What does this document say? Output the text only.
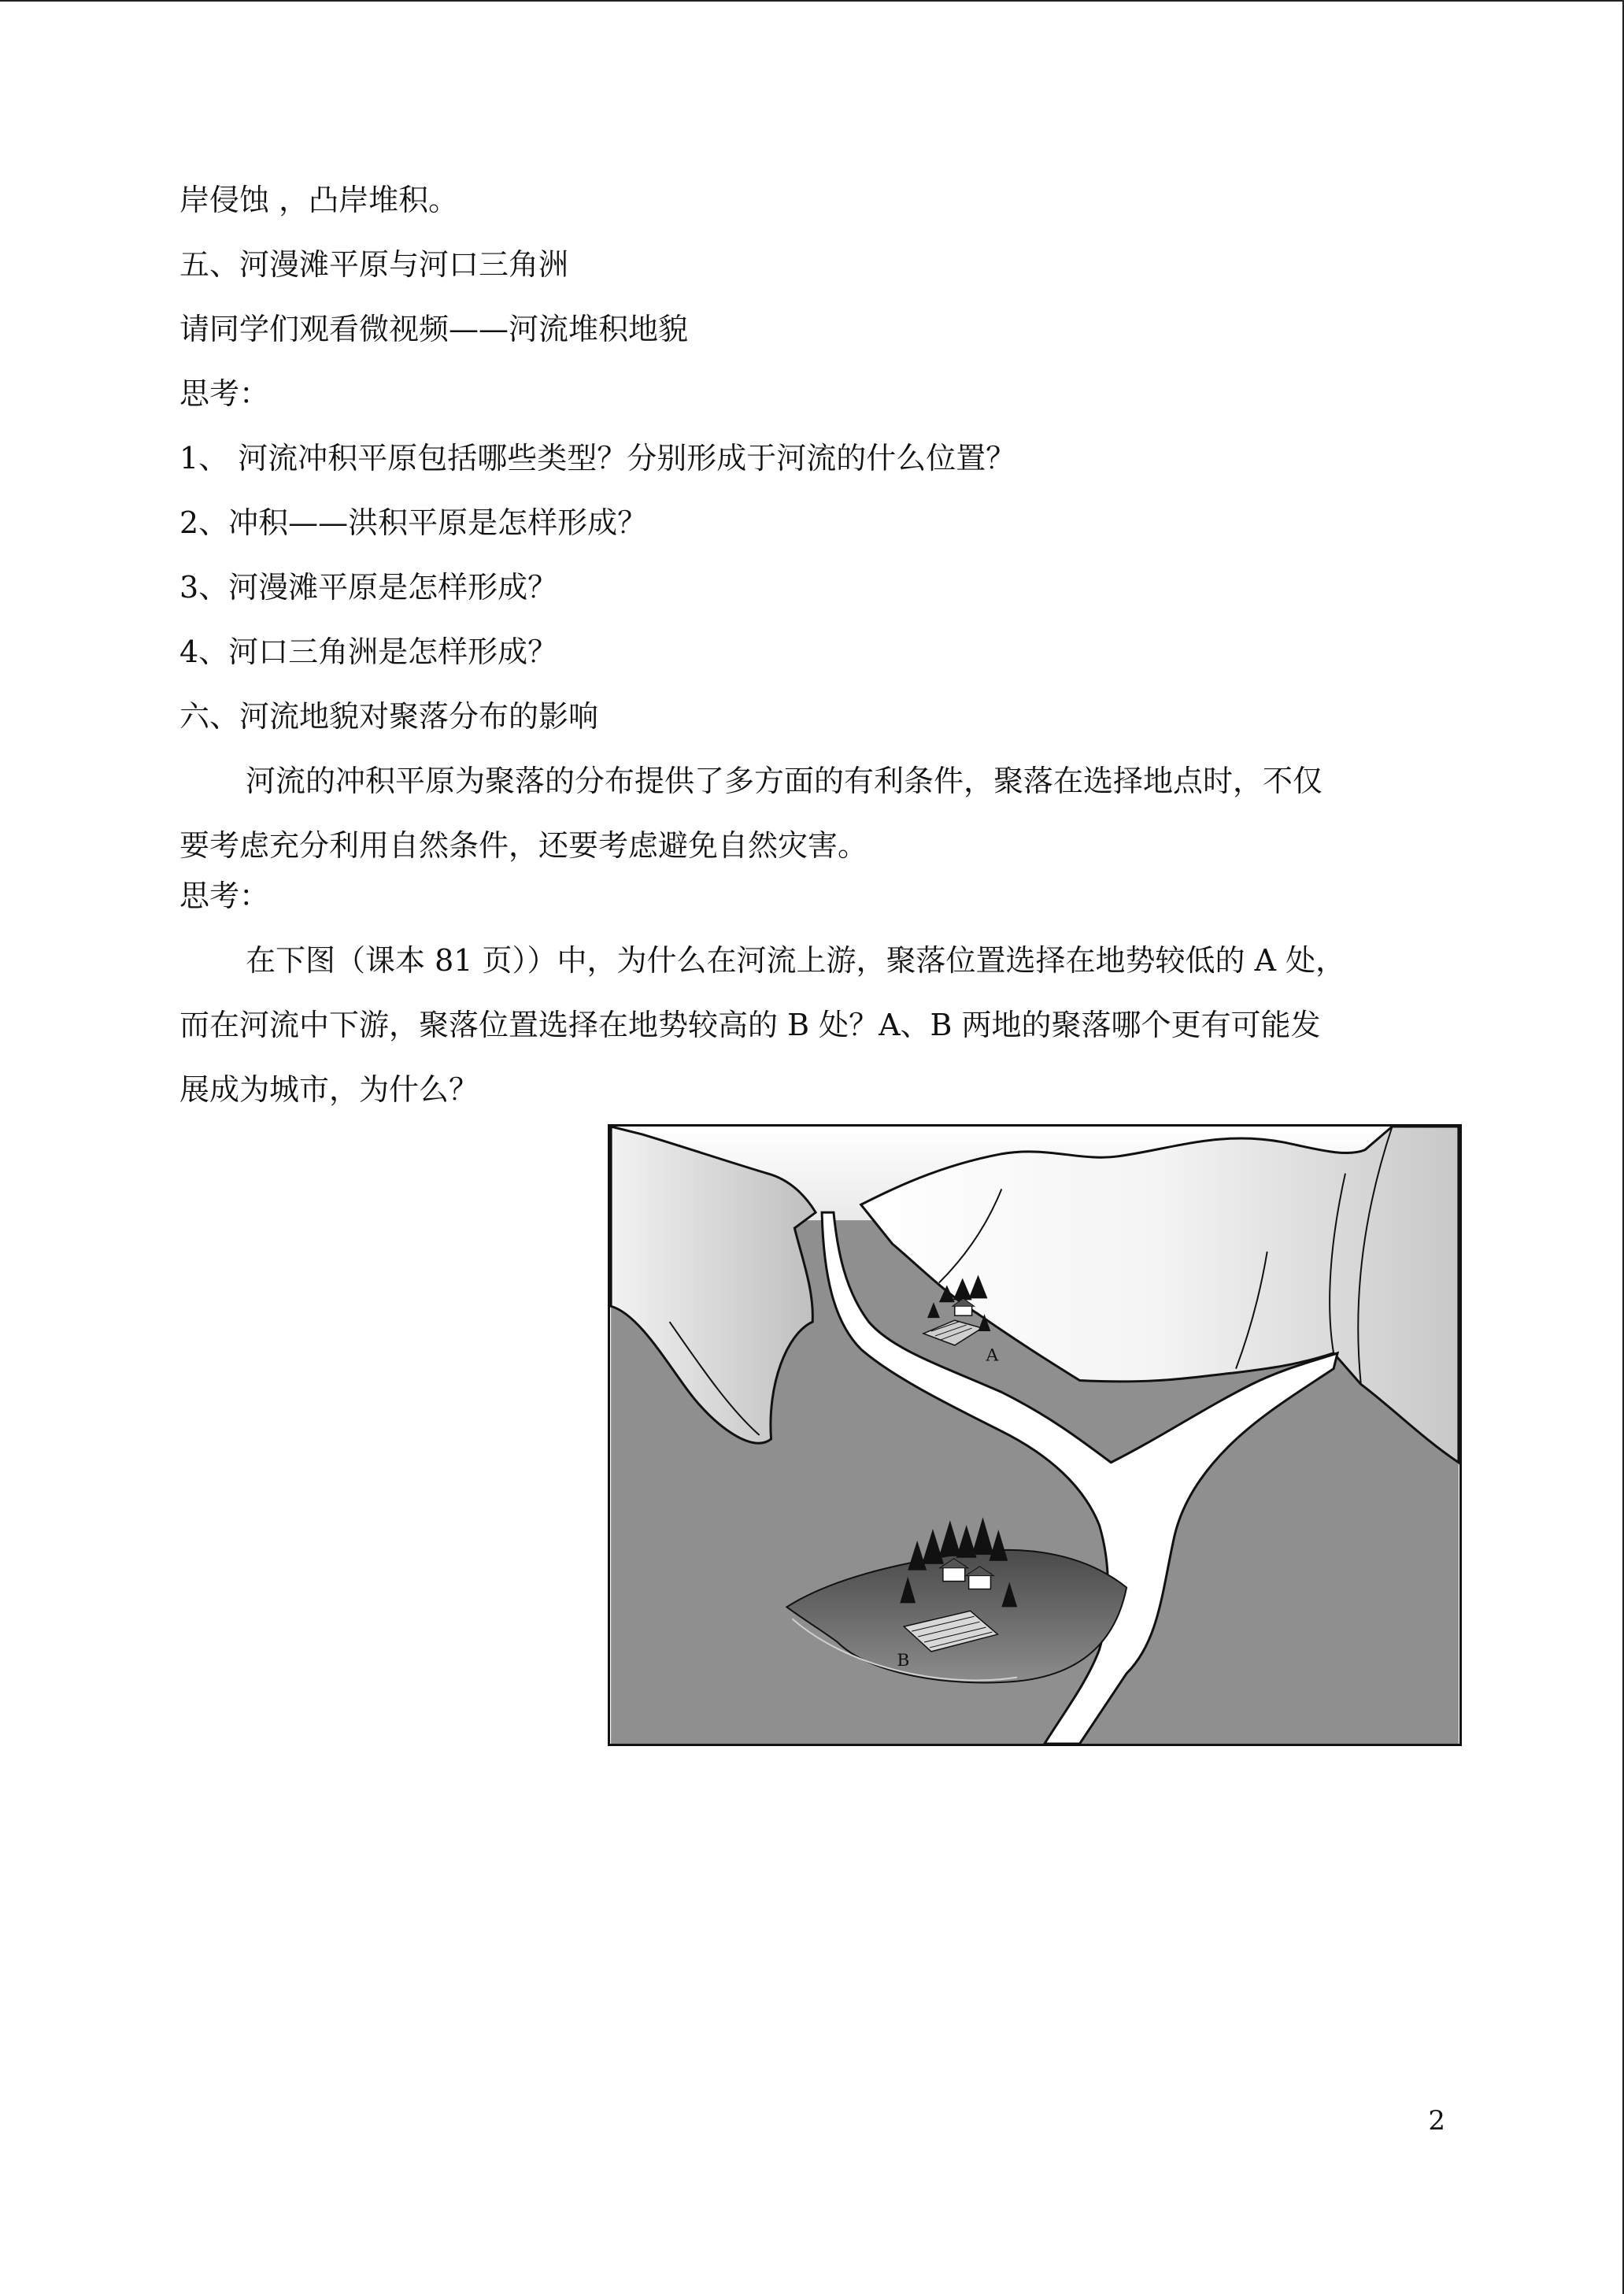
岸侵蚀 ，凸岸堆积。
五、河漫滩平原与河口三角洲
请同学们观看微视频——河流堆积地貌
思考：
1、 河流冲积平原包括哪些类型？分别形成于河流的什么位置？
2、冲积——洪积平原是怎样形成？
3、河漫滩平原是怎样形成？
4、河口三角洲是怎样形成？
六、河流地貌对聚落分布的影响
河流的冲积平原为聚落的分布提供了多方面的有利条件，聚落在选择地点时，不仅
要考虑充分利用自然条件，还要考虑避免自然灾害。
思考：
在下图（课本 81 页））中，为什么在河流上游，聚落位置选择在地势较低的 A 处，
而在河流中下游，聚落位置选择在地势较高的 B 处？A、B 两地的聚落哪个更有可能发
展成为城市，为什么？
A
B
2
